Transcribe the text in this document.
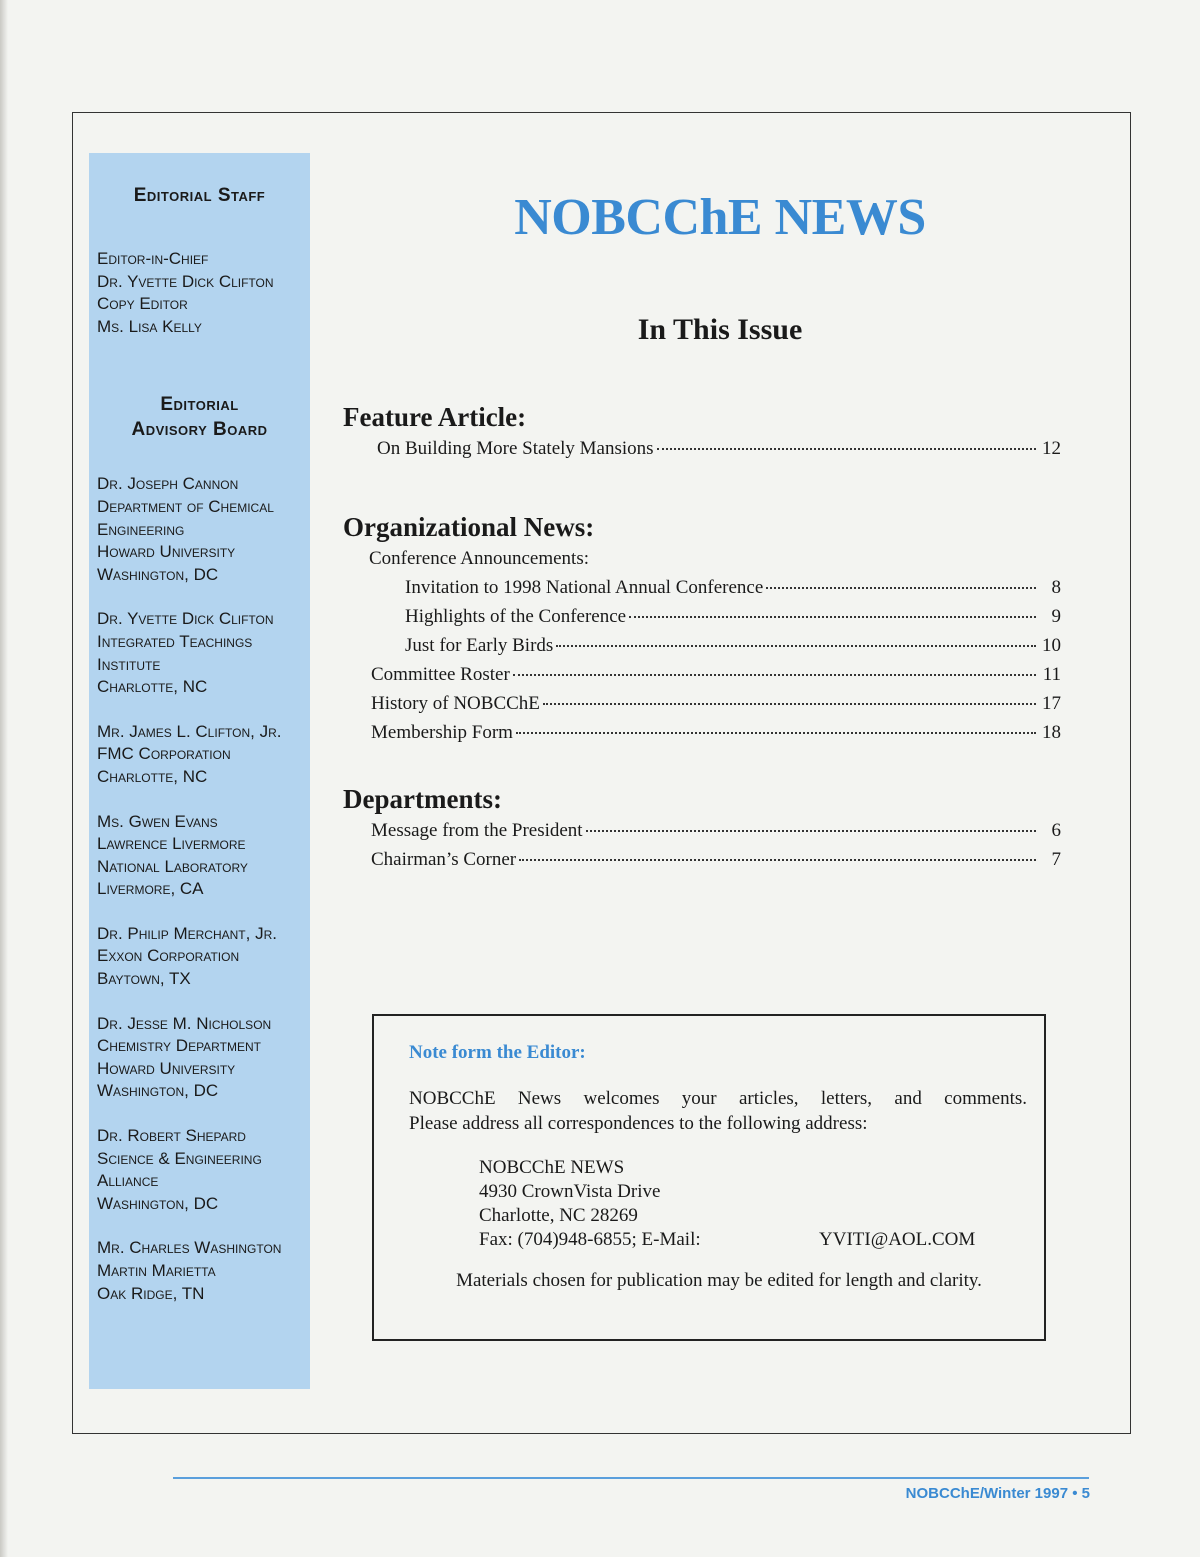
Editorial Staff
Editor-in-Chief
Dr. Yvette Dick Clifton
Copy Editor
Ms. Lisa Kelly
Editorial
Advisory Board
Dr. Joseph Cannon
Department of Chemical
Engineering
Howard University
Washington, DC
Dr. Yvette Dick Clifton
Integrated Teachings
Institute
Charlotte, NC
Mr. James L. Clifton, Jr.
FMC Corporation
Charlotte, NC
Ms. Gwen Evans
Lawrence Livermore
National Laboratory
Livermore, CA
Dr. Philip Merchant, Jr.
Exxon Corporation
Baytown, TX
Dr. Jesse M. Nicholson
Chemistry Department
Howard University
Washington, DC
Dr. Robert Shepard
Science & Engineering
Alliance
Washington, DC
Mr. Charles Washington
Martin Marietta
Oak Ridge, TN
NOBCChE NEWS
In This Issue
Feature Article:
On Building More Stately Mansions	12
Organizational News:
Conference Announcements:
Invitation to 1998 National Annual Conference	8
Highlights of the Conference	9
Just for Early Birds	10
Committee Roster	11
History of NOBCChE	17
Membership Form	18
Departments:
Message from the President	6
Chairman’s Corner	7
Note form the Editor:
NOBCChE News welcomes your articles, letters, and comments.
Please address all correspondences to the following address:
NOBCChE NEWS
4930 CrownVista Drive
Charlotte, NC 28269
Fax: (704)948-6855; E-Mail:	YVITI@AOL.COM
Materials chosen for publication may be edited for length and clarity.
NOBCChE/Winter 1997 • 5
